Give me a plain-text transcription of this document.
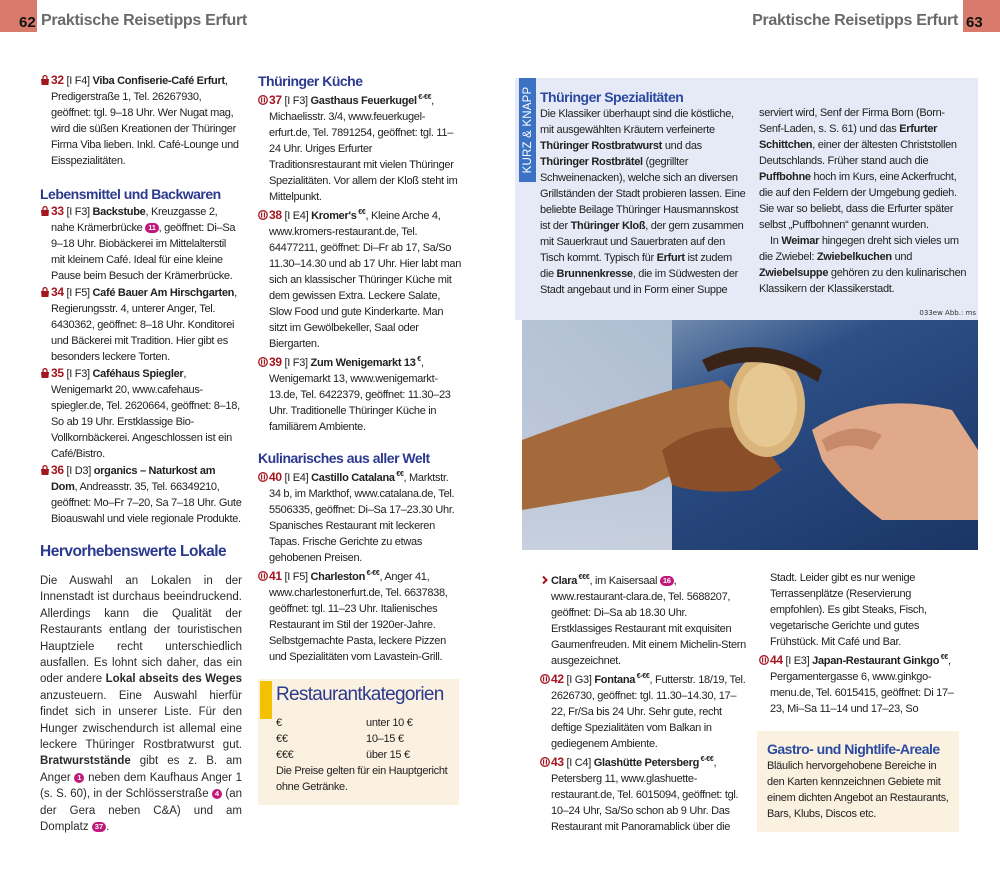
62 Praktische Reisetipps Erfurt	63
Praktische Reisetipps Erfurt

32 [I F4] Viba Confiserie-Café Erfurt, Predigerstraße 1, Tel. 26267930, geöffnet: tgl. 9–18 Uhr. Wer Nugat mag, wird die süßen Kreationen der Thüringer Firma Viba lieben. Inkl. Café-Lounge und Eisspezialitäten.

Lebensmittel und Backwaren

33 [I F3] Backstube, Kreuzgasse 2, nahe Krämerbrücke 11 , geöffnet: Di–Sa 9–18 Uhr. Biobäckerei im Mittelalterstil mit kleinem Café. Ideal für eine kleine Pause beim Besuch der Krämerbrücke.

34 [I F5] Café Bauer Am Hirschgarten, Regierungsstr. 4, unterer Anger, Tel. 6430362, geöffnet: 8–18 Uhr. Konditorei und Bäckerei mit Tradition. Hier gibt es besonders leckere Torten.

35 [I F3] Caféhaus Spiegler, Wenigemarkt 20, www.cafehaus-spiegler.de, Tel. 2620664, geöffnet: 8–18, So ab 19 Uhr. Erstklassige Bio-Vollkornbäckerei. Angeschlossen ist ein Café/Bistro.

36 [I D3] organics – Naturkost am Dom, Andreasstr. 35, Tel. 66349210, geöffnet: Mo–Fr 7–20, Sa 7–18 Uhr. Gute Bioauswahl und viele regionale Produkte.

Hervorhebenswerte Lokale

Die Auswahl an Lokalen in der Innenstadt ist durchaus beeindruckend. Allerdings kann die Qualität der Restaurants entlang der touristischen Hauptziele recht unterschiedlich ausfallen. Es lohnt sich daher, das ein oder andere Lokal abseits des Weges anzusteuern. Eine Auswahl hierfür findet sich in unserer Liste. Für den Hunger zwischendurch ist allemal eine leckere Thüringer Rostbratwurst gut. Bratwurststände gibt es z. B. am Anger 1 neben dem Kaufhaus Anger 1 (s. S. 60), in der Schlösserstraße 4 (an der Gera neben C&A) und am Domplatz 37 .

Thüringer Küche

37 [I F3] Gasthaus Feuerkugel €-€€, Michaelisstr. 3/4, www.feuerkugel-erfurt.de, Tel. 7891254, geöffnet: tgl. 11–24 Uhr. Uriges Erfurter Traditionsrestaurant mit vielen Thüringer Spezialitäten. Vor allem der Kloß steht im Mittelpunkt.

38 [I E4] Kromer's €€, Kleine Arche 4, www.kromers-restaurant.de, Tel. 64477211, geöffnet: Di–Fr ab 17, Sa/So 11.30–14.30 und ab 17 Uhr. Hier labt man sich an klassischer Thüringer Küche mit dem gewissen Extra. Leckere Salate, Slow Food und gute Kinderkarte. Man sitzt im Gewölbekeller, Saal oder Biergarten.

39 [I F3] Zum Wenigemarkt 13 €, Wenigemarkt 13, www.wenigemarkt-13.de, Tel. 6422379, geöffnet: 11.30–23 Uhr. Traditionelle Thüringer Küche in familiärem Ambiente.

Kulinarisches aus aller Welt

40 [I E4] Castillo Catalana €€, Marktstr. 34 b, im Markthof, www.catalana.de, Tel. 5506335, geöffnet: Di–Sa 17–23.30 Uhr. Spanisches Restaurant mit leckeren Tapas. Frische Gerichte zu etwas gehobenen Preisen.

41 [I F5] Charleston €-€€, Anger 41, www.charlestonerfurt.de, Tel. 6637838, geöffnet: tgl. 11–23 Uhr. Italienisches Restaurant im Stil der 1920er-Jahre. Selbstgemachte Pasta, leckere Pizzen und Spezialitäten vom Lavastein-Grill.

Restaurantkategorien
€	unter 10 €
€€	10–15 €
€€€	über 15 €
Die Preise gelten für ein Hauptgericht ohne Getränke.
KURZ & KNAPP Thüringer Spezialitäten

Die Klassiker überhaupt sind die köstliche, mit ausgewählten Kräutern verfeinerte Thüringer Rostbratwurst und das Thüringer Rostbrätel (gegrillter Schweinenacken), welche sich an diversen Grillständen der Stadt probieren lassen. Eine beliebte Beilage Thüringer Hausmannskost ist der Thüringer Kloß, der gern zusammen mit Sauerkraut und Sauerbraten auf den Tisch kommt. Typisch für Erfurt ist zudem die Brunnenkresse, die im Südwesten der Stadt angebaut und in Form einer Suppe

serviert wird, Senf der Firma Born (Born-Senf-Laden, s. S. 61) und das Erfurter Schittchen, einer der ältesten Christstollen Deutschlands. Früher stand auch die Puffbohne hoch im Kurs, eine Ackerfrucht, die auf den Feldern der Umgebung gedieh. Sie war so beliebt, dass die Erfurter später selbst „Puffbohnen“ genannt wurden.

In Weimar hingegen dreht sich vieles um die Zwiebel: Zwiebelkuchen und Zwiebelsuppe gehören zu den kulinarischen Klassikern der Klassikerstadt.

033ew Abb.: ms

Clara €€€, im Kaisersaal 16 , www.restaurant-clara.de, Tel. 5688207, geöffnet: Di–Sa ab 18.30 Uhr. Erstklassiges Restaurant mit exquisiten Gaumenfreuden. Mit einem Michelin-Stern ausgezeichnet.

42 [I G3] Fontana €-€€, Futterstr. 18/19, Tel. 2626730, geöffnet: tgl. 11.30–14.30, 17–22, Fr/Sa bis 24 Uhr. Sehr gute, recht deftige Spezialitäten vom Balkan in gediegenem Ambiente.

43 [I C4] Glashütte Petersberg €-€€, Petersberg 11, www.glashuette-restaurant.de, Tel. 6015094, geöffnet: tgl. 10–24 Uhr, Sa/So schon ab 9 Uhr. Das Restaurant mit Panoramablick über die

Stadt. Leider gibt es nur wenige Terrassenplätze (Reservierung empfohlen). Es gibt Steaks, Fisch, vegetarische Gerichte und gutes Frühstück. Mit Café und Bar.

44 [I E3] Japan-Restaurant Ginkgo €€, Pergamentergasse 6, www.ginkgo-menu.de, Tel. 6015415, geöffnet: Di 17–23, Mi–Sa 11–14 und 17–23, So

Gastro- und Nightlife-Areale

Bläulich hervorgehobene Bereiche in den Karten kennzeichnen Gebiete mit einem dichten Angebot an Restaurants, Bars, Klubs, Discos etc.
